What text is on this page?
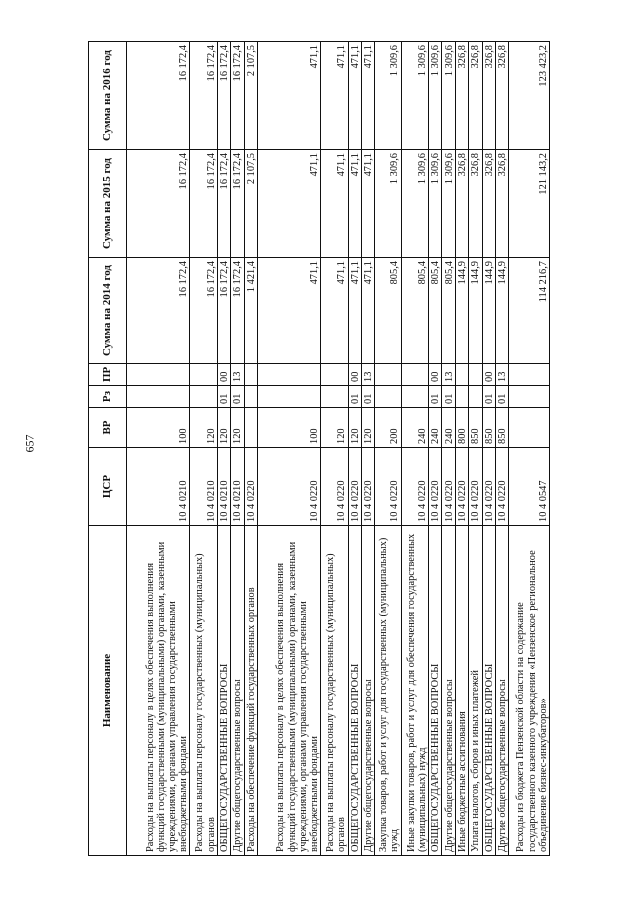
657
Наименование	ЦСР	ВР	Рз	ПР	Сумма на 2014 год	Сумма на 2015 год	Сумма на 2016 год
Расходы на выплаты персоналу в целях обеспечения выполнения функций государственными (муниципальными) органами, казенными учреждениями, органами управления государственными внебюджетными фондами	10 4 0210	100			16 172,4	16 172,4	16 172,4
Расходы на выплаты персоналу государственных (муниципальных) органов	10 4 0210	120			16 172,4	16 172,4	16 172,4
ОБЩЕГОСУДАРСТВЕННЫЕ ВОПРОСЫ	10 4 0210	120	01	00	16 172,4	16 172,4	16 172,4
Другие общегосударственные вопросы	10 4 0210	120	01	13	16 172,4	16 172,4	16 172,4
Расходы на обеспечение функций государственных органов	10 4 0220				1 421,4	2 107,5	2 107,5
Расходы на выплаты персоналу в целях обеспечения выполнения функций государственными (муниципальными) органами, казенными учреждениями, органами управления государственными внебюджетными фондами	10 4 0220	100			471,1	471,1	471,1
Расходы на выплаты персоналу государственных (муниципальных) органов	10 4 0220	120			471,1	471,1	471,1
ОБЩЕГОСУДАРСТВЕННЫЕ ВОПРОСЫ	10 4 0220	120	01	00	471,1	471,1	471,1
Другие общегосударственные вопросы	10 4 0220	120	01	13	471,1	471,1	471,1
Закупка товаров, работ и услуг для государственных (муниципальных) нужд	10 4 0220	200			805,4	1 309,6	1 309,6
Иные закупки товаров, работ и услуг для обеспечения государственных (муниципальных) нужд	10 4 0220	240			805,4	1 309,6	1 309,6
ОБЩЕГОСУДАРСТВЕННЫЕ ВОПРОСЫ	10 4 0220	240	01	00	805,4	1 309,6	1 309,6
Другие общегосударственные вопросы	10 4 0220	240	01	13	805,4	1 309,6	1 309,6
Иные бюджетные ассигнования	10 4 0220	800			144,9	326,8	326,8
Уплата налогов, сборов и иных платежей	10 4 0220	850			144,9	326,8	326,8
ОБЩЕГОСУДАРСТВЕННЫЕ ВОПРОСЫ	10 4 0220	850	01	00	144,9	326,8	326,8
Другие общегосударственные вопросы	10 4 0220	850	01	13	144,9	326,8	326,8
Расходы из бюджета Пензенской области на содержание государственного казенного учреждения «Пензенское региональное объединение бизнес-инкубаторов»	10 4 0547				114 216,7	121 143,2	123 423,2
